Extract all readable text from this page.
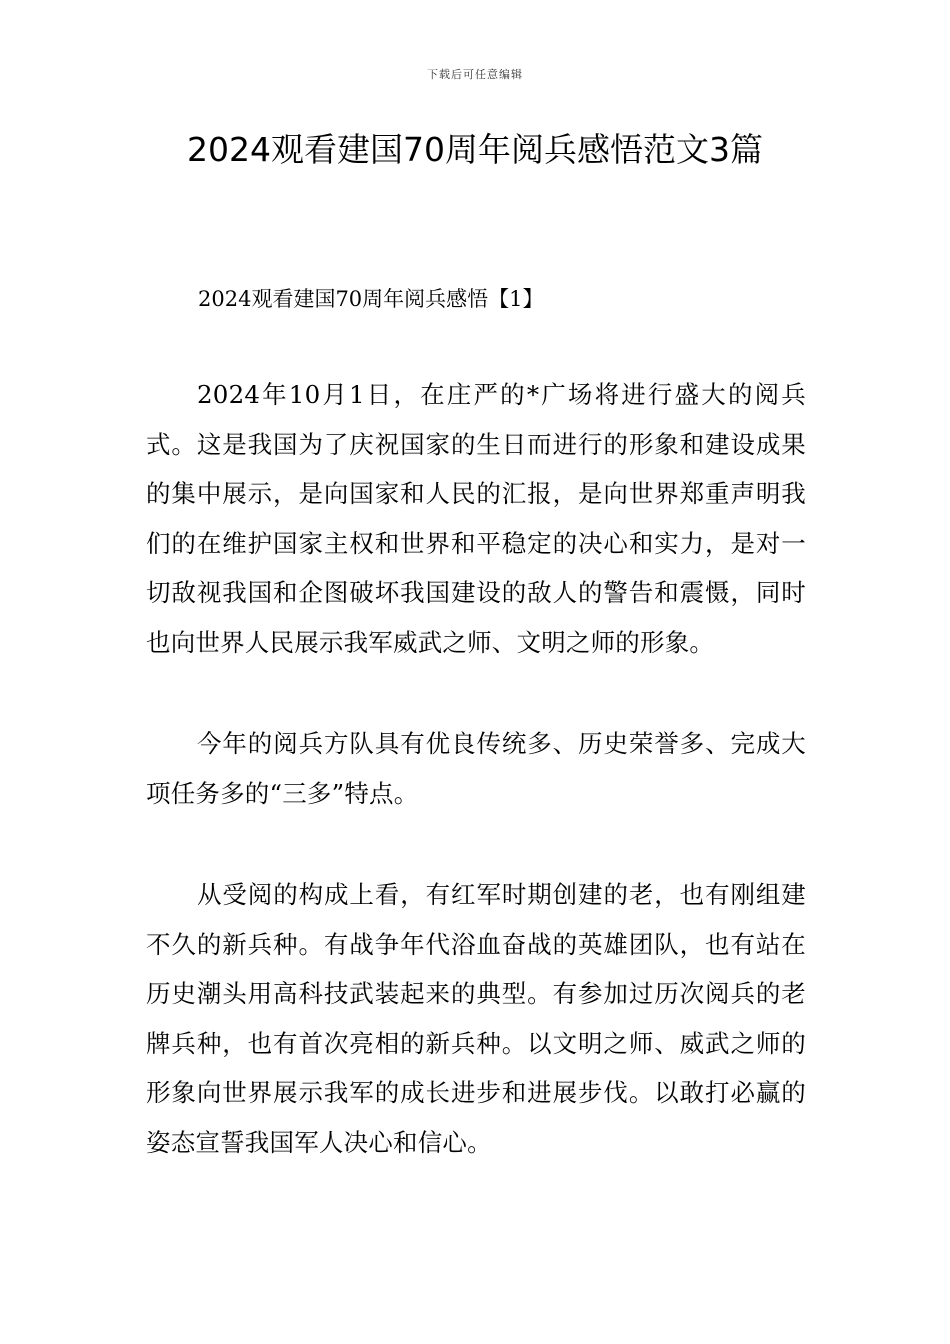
下载后可任意编辑
2024观看建国70周年阅兵感悟范文3篇

2024观看建国70周年阅兵感悟【1】

2024年10月1日，在庄严的*广场将进行盛大的阅兵式。这是我国为了庆祝国家的生日而进行的形象和建设成果的集中展示，是向国家和人民的汇报，是向世界郑重声明我们的在维护国家主权和世界和平稳定的决心和实力，是对一切敌视我国和企图破坏我国建设的敌人的警告和震慑，同时也向世界人民展示我军威武之师、文明之师的形象。

今年的阅兵方队具有优良传统多、历史荣誉多、完成大项任务多的“三多”特点。

从受阅的构成上看，有红军时期创建的老，也有刚组建不久的新兵种。有战争年代浴血奋战的英雄团队，也有站在历史潮头用高科技武装起来的典型。有参加过历次阅兵的老牌兵种，也有首次亮相的新兵种。以文明之师、威武之师的形象向世界展示我军的成长进步和进展步伐。以敢打必赢的姿态宣誓我国军人决心和信心。
